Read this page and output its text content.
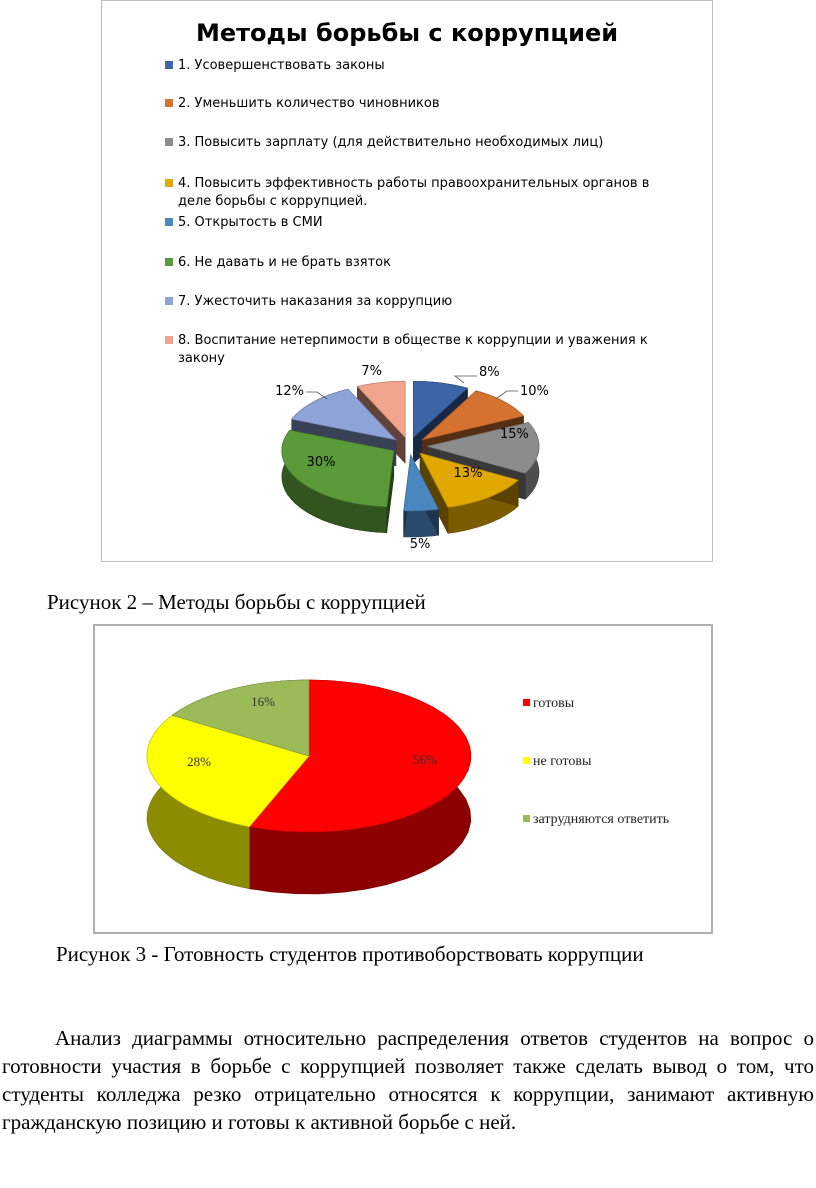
Методы борьбы с коррупцией
1. Усовершенствовать законы
2. Уменьшить количество чиновников
3. Повысить зарплату (для действительно необходимых лиц)
4. Повысить эффективность работы правоохранительных органов в деле борьбы с коррупцией.
5. Открытость в СМИ
6. Не давать и не брать взяток
7. Ужесточить наказания за коррупцию
8. Воспитание нетерпимости в обществе к коррупции и уважения к закону
8%
10%
15%
13%
5%
30%
12%
7%
Рисунок 2 – Методы борьбы с коррупцией
56%
28%
16%	готовы
не готовы
затрудняются ответить
Рисунок 3 - Готовность студентов противоборствовать коррупции

Анализ диаграммы относительно распределения ответов студентов на вопрос о готовности участия в борьбе с коррупцией позволяет также сделать вывод о том, что студенты колледжа резко отрицательно относятся к коррупции, занимают активную гражданскую позицию и готовы к активной борьбе с ней.
